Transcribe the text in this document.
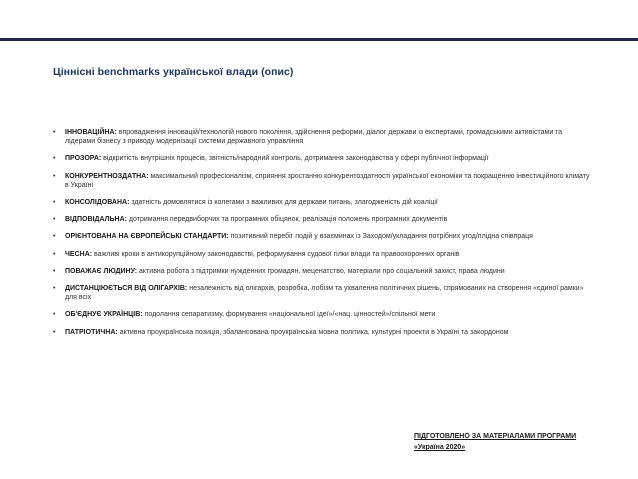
Ціннісні benchmarks української влади (опис)
• ІННОВАЦІЙНА: впровадження інновацій/технологій нового покоління, здійснення реформи, діалог держави із експертами, громадськими активістами та лідерами бізнесу з приводу модернізації системи державного управління
• ПРОЗОРА: відкритість внутрішніх процесів, звітність/народний контроль, дотримання законодавства у сфері публічної інформації
• КОНКУРЕНТНОЗДАТНА: максимальний професіоналізм, сприяння зростанню конкурентоздатності української економіки та покращенню інвестиційного клімату в Україні
• КОНСОЛІДОВАНА: здатність домовлятися із колегами з важливих для держави питань, злагодженість дій коаліції
• ВІДПОВІДАЛЬНА: дотримання передвиборчих та програмних обіцянок, реалізація положень програмних документів
• ОРІЄНТОВАНА НА ЄВРОПЕЙСЬКІ СТАНДАРТИ: позитивний перебіг подій у взаєминах із Заходом/укладання потрібних угод/плідна співпраця
• ЧЕСНА: важливі кроки в антикорупційному законодавстві, реформування судової гілки влади та правоохоронних органів
• ПОВАЖАЄ ЛЮДИНУ: активна робота з підтримки нужденних громадян, меценатство, матеріали про соціальний захист, права людини
• ДИСТАНЦІЮЄТЬСЯ ВІД ОЛІГАРХІВ: незалежність від олігархів, розробка, лобізм та ухвалення політичних рішень, спрямованих на створення «єдиної рамки» для всіх
• ОБ'ЄДНУЄ УКРАЇНЦІВ: подолання сепаратизму, формування «національної ідеї»/«нац. цінностей»/спільної мети
• ПАТРІОТИЧНА: активна проукраїнська позиція, збалансована проукраїнська мовна політика, культурні проекти в Україні та закордоном
ПІДГОТОВЛЕНО ЗА МАТЕРІАЛАМИ ПРОГРАМИ
«Україна 2020»
